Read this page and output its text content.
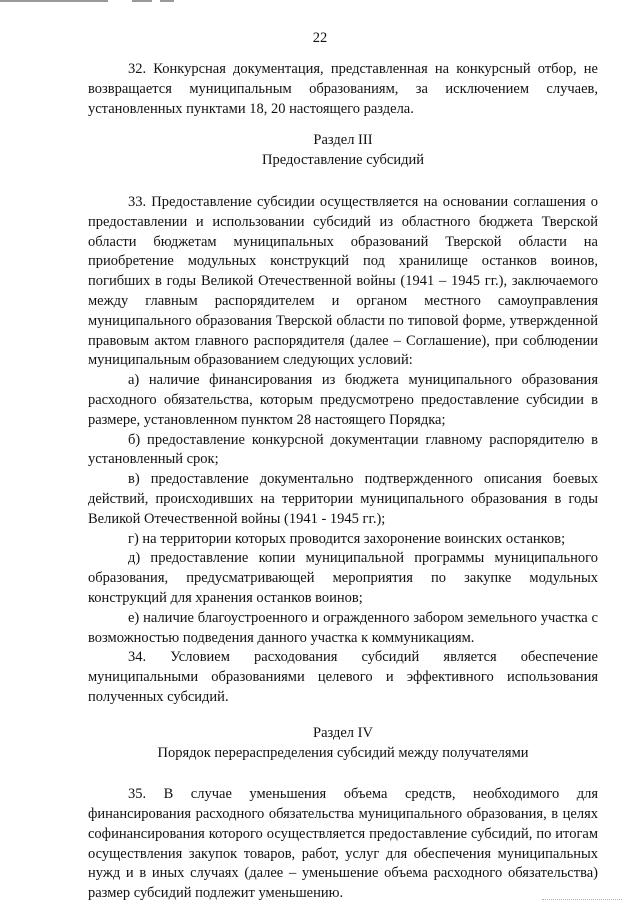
22

32. Конкурсная документация, представленная на конкурсный отбор, не возвращается муниципальным образованиям, за исключением случаев, установленных пунктами 18, 20 настоящего раздела.

Раздел III

Предоставление субсидий

33. Предоставление субсидии осуществляется на основании соглашения о предоставлении и использовании субсидий из областного бюджета Тверской области бюджетам муниципальных образований Тверской области на приобретение модульных конструкций под хранилище останков воинов, погибших в годы Великой Отечественной войны (1941 – 1945 гг.), заключаемого между главным распорядителем и органом местного самоуправления муниципального образования Тверской области по типовой форме, утвержденной правовым актом главного распорядителя (далее – Соглашение), при соблюдении муниципальным образованием следующих условий:

а) наличие финансирования из бюджета муниципального образования расходного обязательства, которым предусмотрено предоставление субсидии в размере, установленном пунктом 28 настоящего Порядка;

б) предоставление конкурсной документации главному распорядителю в установленный срок;

в) предоставление документально подтвержденного описания боевых действий, происходивших на территории муниципального образования в годы Великой Отечественной войны (1941 - 1945 гг.);

г) на территории которых проводится захоронение воинских останков;

д) предоставление копии муниципальной программы муниципального образования, предусматривающей мероприятия по закупке модульных конструкций для хранения останков воинов;

е) наличие благоустроенного и огражденного забором земельного участка с возможностью подведения данного участка к коммуникациям.

34. Условием расходования субсидий является обеспечение муниципальными образованиями целевого и эффективного использования полученных субсидий.

Раздел IV

Порядок перераспределения субсидий между получателями

35. В случае уменьшения объема средств, необходимого для финансирования расходного обязательства муниципального образования, в целях софинансирования которого осуществляется предоставление субсидий, по итогам осуществления закупок товаров, работ, услуг для обеспечения муниципальных нужд и в иных случаях (далее – уменьшение объема расходного обязательства) размер субсидий подлежит уменьшению.
